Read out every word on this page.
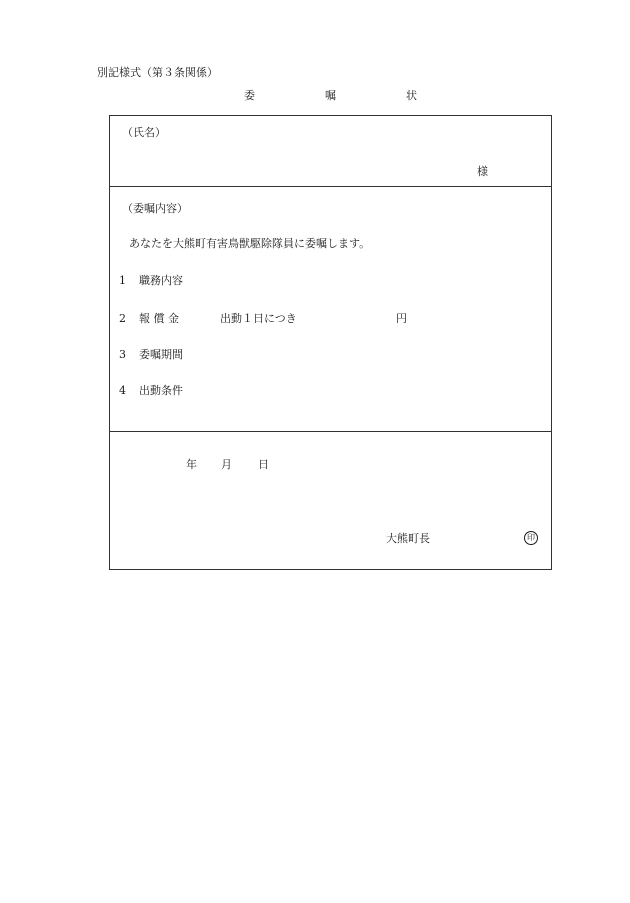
別記様式（第３条関係）
委	嘱	状
（氏名）
様
（委嘱内容）
あなたを大熊町有害鳥獣駆除隊員に委嘱します。
1 職務内容
2 報 償 金	出動１日につき	円
3 委嘱期間
4 出動条件
年 月 日
大熊町長	印
